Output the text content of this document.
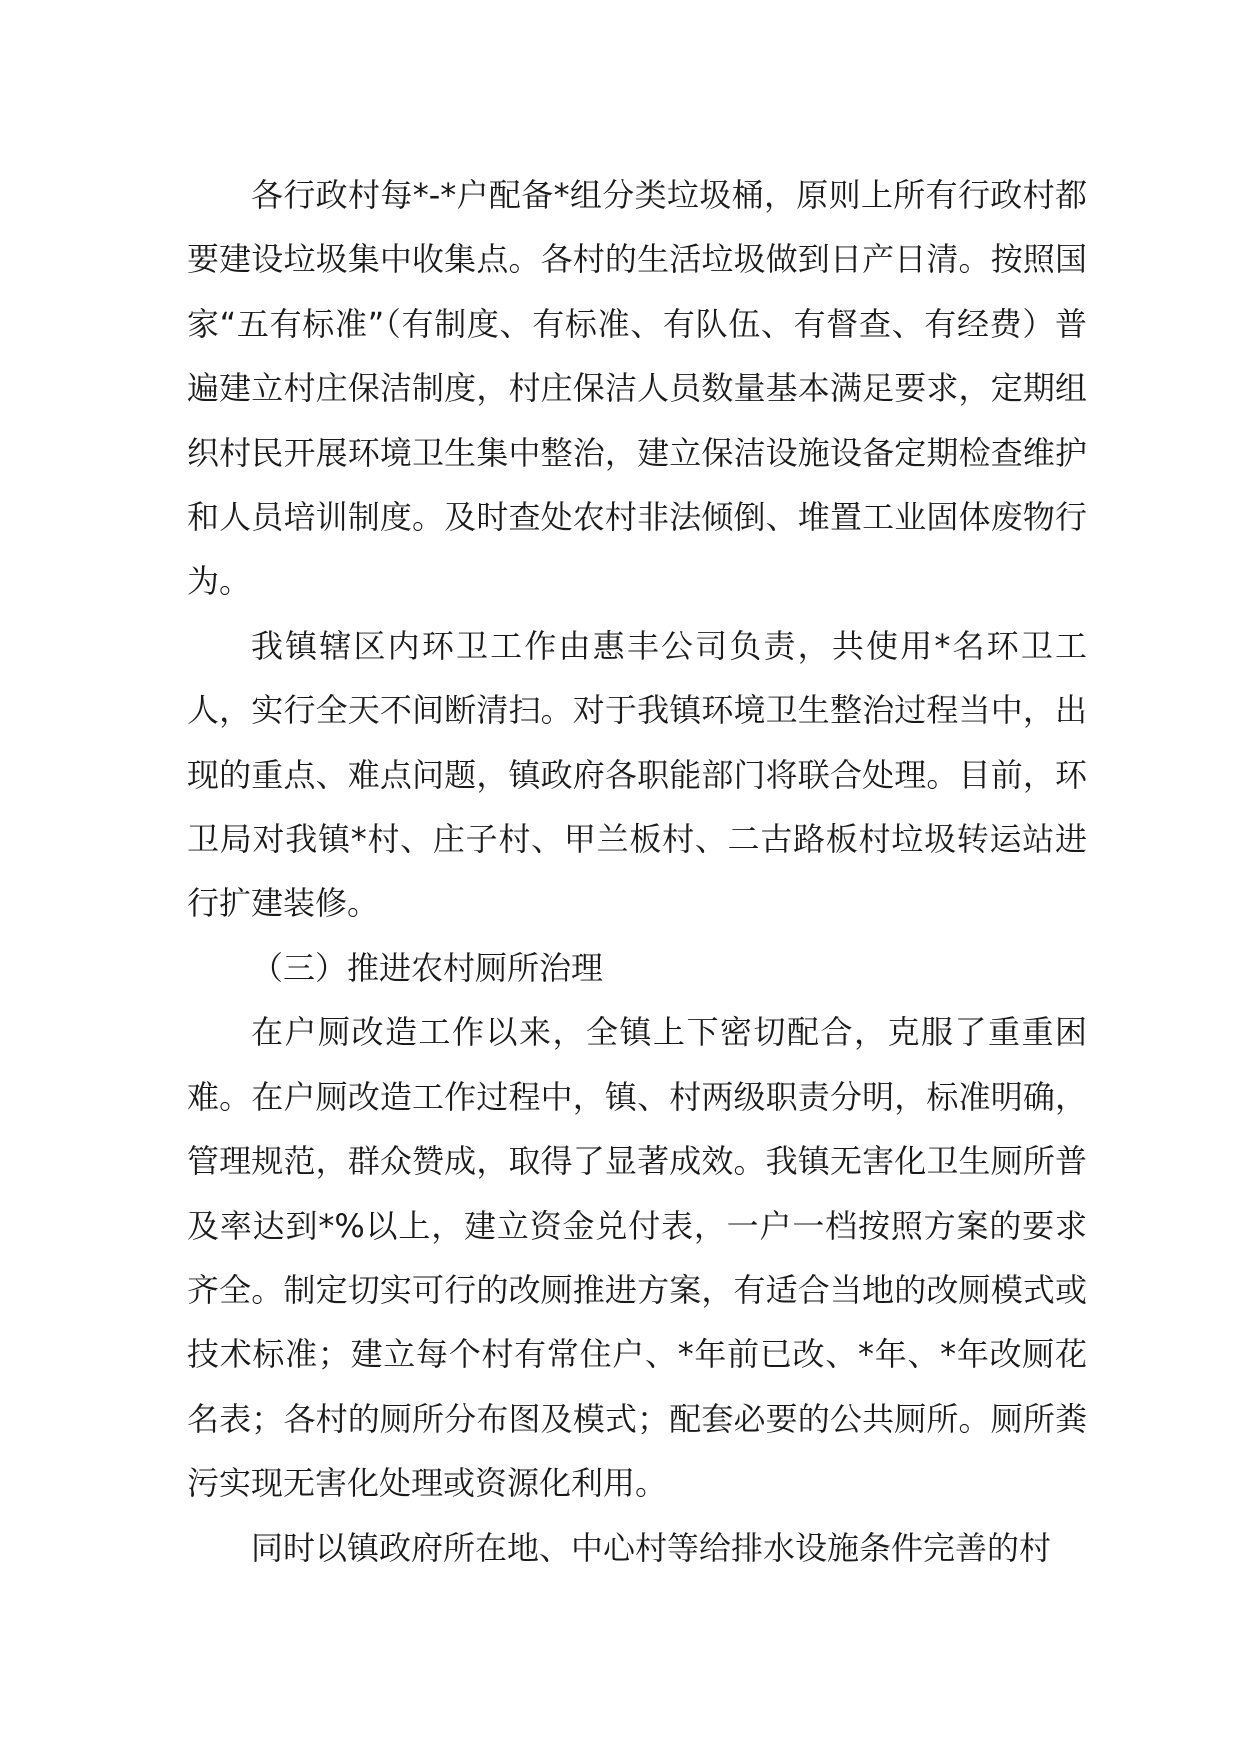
各行政村每*-*户配备*组分类垃圾桶，原则上所有行政村都要建设垃圾集中收集点。各村的生活垃圾做到日产日清。按照国家“五有标准”（有制度、有标准、有队伍、有督查、有经费）普遍建立村庄保洁制度，村庄保洁人员数量基本满足要求，定期组织村民开展环境卫生集中整治，建立保洁设施设备定期检查维护和人员培训制度。及时查处农村非法倾倒、堆置工业固体废物行为。

我镇辖区内环卫工作由惠丰公司负责，共使用*名环卫工人，实行全天不间断清扫。对于我镇环境卫生整治过程当中，出现的重点、难点问题，镇政府各职能部门将联合处理。目前，环卫局对我镇*村、庄子村、甲兰板村、二古路板村垃圾转运站进行扩建装修。

（三）推进农村厕所治理

在户厕改造工作以来，全镇上下密切配合，克服了重重困难。在户厕改造工作过程中，镇、村两级职责分明，标准明确，管理规范，群众赞成，取得了显著成效。我镇无害化卫生厕所普及率达到*%以上，建立资金兑付表，一户一档按照方案的要求齐全。制定切实可行的改厕推进方案，有适合当地的改厕模式或技术标准；建立每个村有常住户、*年前已改、*年、*年改厕花名表；各村的厕所分布图及模式；配套必要的公共厕所。厕所粪污实现无害化处理或资源化利用。

同时以镇政府所在地、中心村等给排水设施条件完善的村
